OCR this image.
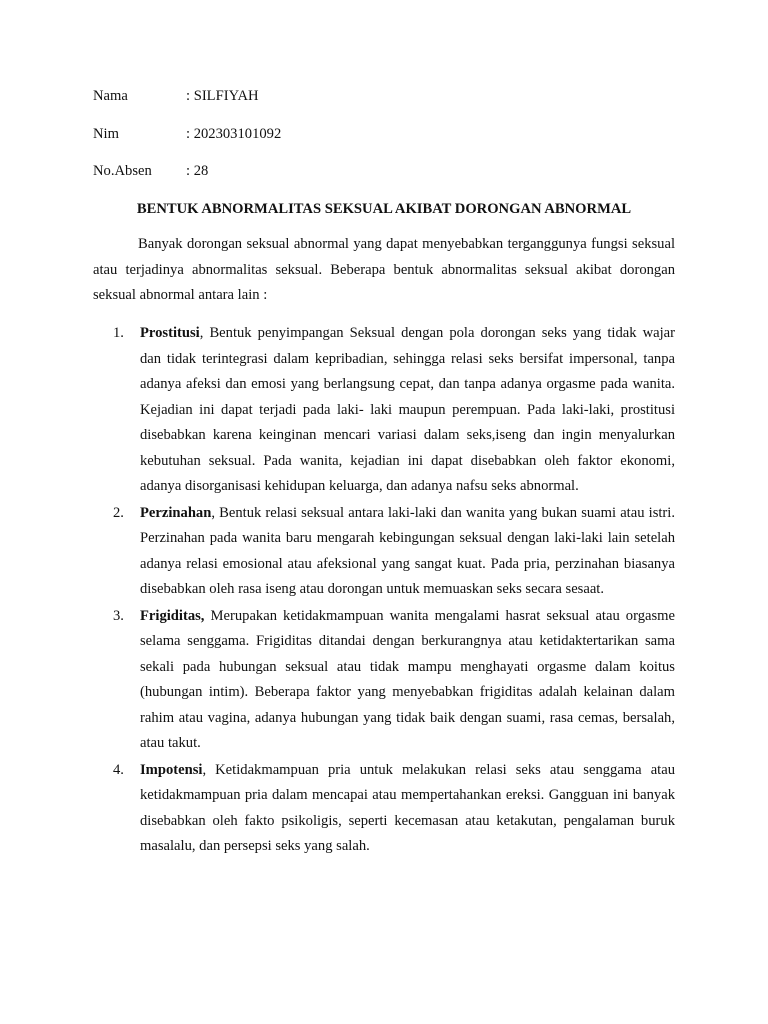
Nama	: SILFIYAH
Nim	: 202303101092
No.Absen : 28
BENTUK ABNORMALITAS SEKSUAL AKIBAT DORONGAN ABNORMAL

Banyak dorongan seksual abnormal yang dapat menyebabkan terganggunya fungsi seksual atau terjadinya abnormalitas seksual. Beberapa bentuk abnormalitas seksual akibat dorongan seksual abnormal antara lain :

1. Prostitusi, Bentuk penyimpangan Seksual dengan pola dorongan seks yang tidak wajar dan tidak terintegrasi dalam kepribadian, sehingga relasi seks bersifat impersonal, tanpa adanya afeksi dan emosi yang berlangsung cepat, dan tanpa adanya orgasme pada wanita. Kejadian ini dapat terjadi pada laki- laki maupun perempuan. Pada laki-laki, prostitusi disebabkan karena keinginan mencari variasi dalam seks,iseng dan ingin menyalurkan kebutuhan seksual. Pada wanita, kejadian ini dapat disebabkan oleh faktor ekonomi, adanya disorganisasi kehidupan keluarga, dan adanya nafsu seks abnormal.
2. Perzinahan, Bentuk relasi seksual antara laki-laki dan wanita yang bukan suami atau istri. Perzinahan pada wanita baru mengarah kebingungan seksual dengan laki-laki lain setelah adanya relasi emosional atau afeksional yang sangat kuat. Pada pria, perzinahan biasanya disebabkan oleh rasa iseng atau dorongan untuk memuaskan seks secara sesaat.
3. Frigiditas, Merupakan ketidakmampuan wanita mengalami hasrat seksual atau orgasme selama senggama. Frigiditas ditandai dengan berkurangnya atau ketidaktertarikan sama sekali pada hubungan seksual atau tidak mampu menghayati orgasme dalam koitus (hubungan intim). Beberapa faktor yang menyebabkan frigiditas adalah kelainan dalam rahim atau vagina, adanya hubungan yang tidak baik dengan suami, rasa cemas, bersalah, atau takut.
4. Impotensi, Ketidakmampuan pria untuk melakukan relasi seks atau senggama atau ketidakmampuan pria dalam mencapai atau mempertahankan ereksi. Gangguan ini banyak disebabkan oleh fakto psikoligis, seperti kecemasan atau ketakutan, pengalaman buruk masalalu, dan persepsi seks yang salah.
